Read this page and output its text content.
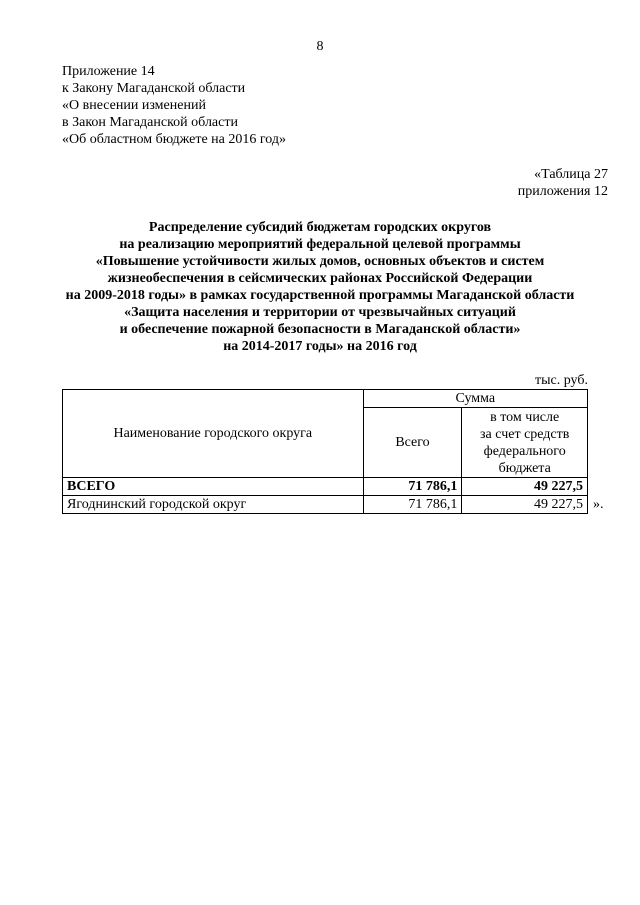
8
Приложение 14
к Закону Магаданской области
«О внесении изменений
в Закон Магаданской области
«Об областном бюджете на 2016 год»
«Таблица 27
приложения 12
Распределение субсидий бюджетам городских округов
на реализацию мероприятий федеральной целевой программы
«Повышение устойчивости жилых домов, основных объектов и систем
жизнеобеспечения в сейсмических районах Российской Федерации
на 2009-2018 годы» в рамках государственной программы Магаданской области
«Защита населения и территории от чрезвычайных ситуаций
и обеспечение пожарной безопасности в Магаданской области»
на 2014-2017 годы» на 2016 год
тыс. руб.
Наименование городского округа	Сумма	
	Всего	в том числе
за счет средств
федерального
бюджета

ВСЕГО	71 786,1	49 227,5
Ягоднинский городской округ	71 786,1	49 227,5 ».
